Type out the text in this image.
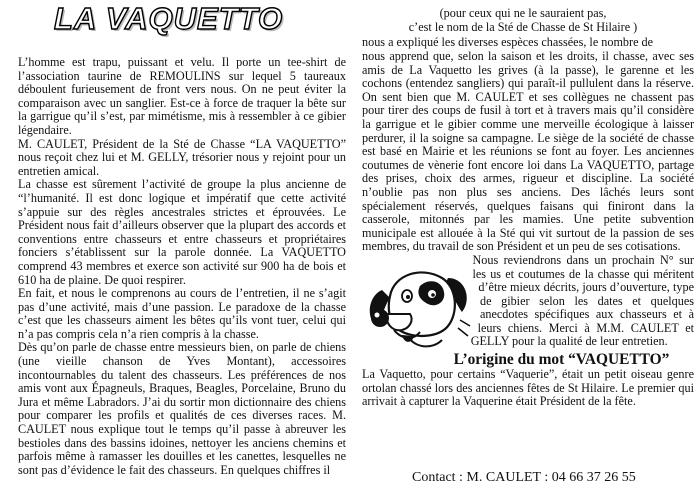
LA VAQUETTO	(pour ceux qui ne le sauraient pas,
c’est le nom de la Sté de Chasse de St Hilaire )

L’homme est trapu, puissant et velu. Il porte un tee-shirt de l’association taurine de REMOULINS sur lequel 5 taureaux déboulent furieusement de front vers nous. On ne peut éviter la comparaison avec un sanglier. Est-ce à force de traquer la bête sur la garrigue qu’il s’est, par mimétisme, mis à ressembler à ce gibier légendaire.

M. CAULET, Président de la Sté de Chasse “LA VAQUETTO” nous reçoit chez lui et M. GELLY, trésorier nous y rejoint pour un entretien amical.

La chasse est sûrement l’activité de groupe la plus ancienne de “l’humanité. Il est donc logique et impératif que cette activité s’appuie sur des règles ancestrales strictes et éprouvées. Le Président nous fait d’ailleurs observer que la plupart des accords et conventions entre chasseurs et entre chasseurs et propriétaires fonciers s’établissent sur la parole donnée. La VAQUETTO comprend 43 membres et exerce son activité sur 900 ha de bois et 610 ha de plaine. De quoi respirer.

En fait, et nous le comprenons au cours de l’entretien, il ne s’agit pas d’une activité, mais d’une passion. Le paradoxe de la chasse c’est que les chasseurs aiment les bêtes qu’ils vont tuer, celui qui n’a pas compris cela n’a rien compris à la chasse.

Dès qu’on parle de chasse entre messieurs bien, on parle de chiens (une vieille chanson de Yves Montant), accessoires incontournables du talent des chasseurs. Les préférences de nos amis vont aux Épagneuls, Braques, Beagles, Porcelaine, Bruno du Jura et même Labradors. J’ai du sortir mon dictionnaire des chiens pour comparer les profils et qualités de ces diverses races. M. CAULET nous explique tout le temps qu’il passe à abreuver les bestioles dans des bassins idoines, nettoyer les anciens chemins et parfois même à ramasser les douilles et les canettes, lesquelles ne sont pas d’évidence le fait des chasseurs. En quelques chiffres il

nous a expliqué les diverses espèces chassées, le nombre de

nous apprend que, selon la saison et les droits, il chasse, avec ses amis de La Vaquetto les grives (à la passe), le garenne et les cochons (entendez sangliers) qui paraît-il pullulent dans la réserve. On sent bien que M. CAULET et ses collègues ne chassent pas pour tirer des coups de fusil à tort et à travers mais qu’il considère la garrigue et le gibier comme une merveille écologique à laisser perdurer, il la soigne sa campagne. Le siège de la société de chasse est basé en Mairie et les réunions se font au foyer. Les anciennes coutumes de vènerie font encore loi dans La VAQUETTO, partage des prises, choix des armes, rigueur et discipline. La société n’oublie pas non plus ses anciens. Des lâchés leurs sont spécialement réservés, quelques faisans qui finiront dans la casserole, mitonnés par les mamies. Une petite subvention municipale est allouée à la Sté qui vit surtout de la passion de ses membres, du travail de son Président et un peu de ses cotisations.

Nous reviendrons dans un prochain N° sur les us et coutumes de la chasse qui méritent d’être mieux décrits, jours d’ouverture, type de gibier selon les dates et quelques anecdotes spécifiques aux chasseurs et à leurs chiens. Merci à M.M. CAULET et GELLY pour la qualité de leur entretien.

L’origine du mot “VAQUETTO”

La Vaquetto, pour certains “Vaquerie”, était un petit oiseau genre ortolan chassé lors des anciennes fêtes de St Hilaire. Le premier qui arrivait à capturer la Vaquerine était Président de la fête.

Contact : M. CAULET : 04 66 37 26 55
